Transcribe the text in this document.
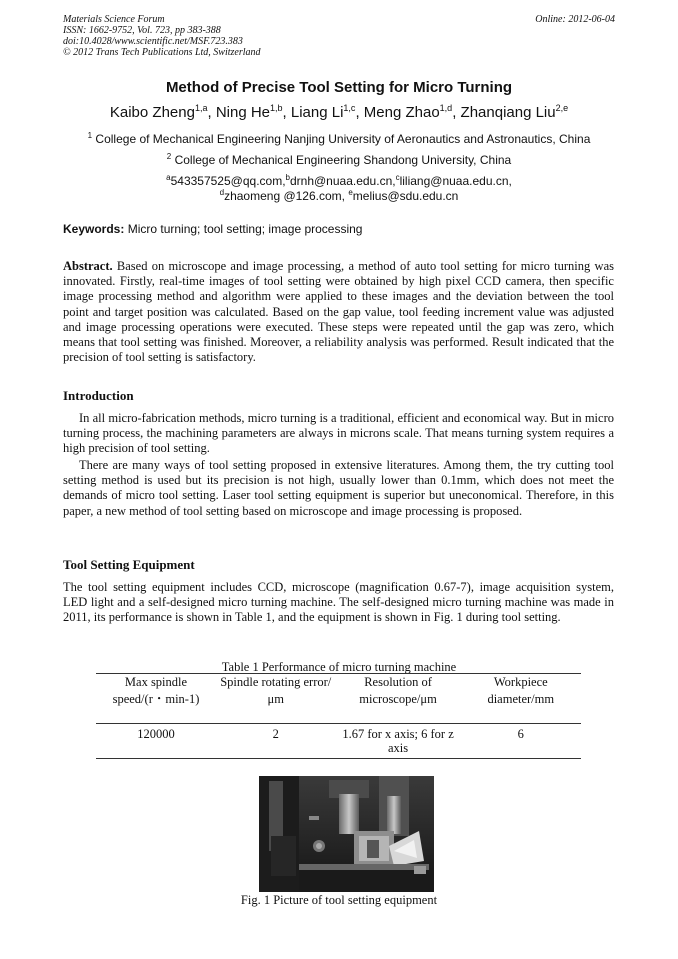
Materials Science Forum
ISSN: 1662-9752, Vol. 723, pp 383-388
doi:10.4028/www.scientific.net/MSF.723.383
© 2012 Trans Tech Publications Ltd, Switzerland
Online: 2012-06-04
Method of Precise Tool Setting for Micro Turning
Kaibo Zheng$^{1,a}$, Ning He$^{1,b}$, Liang Li$^{1,c}$, Meng Zhao$^{1,d}$, Zhanqiang Liu$^{2,e}$
$^1$ College of Mechanical Engineering Nanjing University of Aeronautics and Astronautics, China
$^2$ College of Mechanical Engineering Shandong University, China
$^a$543357525@qq.com,$^b$drnh@nuaa.edu.cn,$^c$liliang@nuaa.edu.cn,
$^d$zhaomeng @126.com, $^e$melius@sdu.edu.cn
Keywords: Micro turning; tool setting; image processing
Abstract. Based on microscope and image processing, a method of auto tool setting for micro turning was innovated. Firstly, real-time images of tool setting were obtained by high pixel CCD camera, then specific image processing method and algorithm were applied to these images and the deviation between the tool point and target position was calculated. Based on the gap value, tool feeding increment value was adjusted and image processing operations were executed. These steps were repeated until the gap was zero, which means that tool setting was finished. Moreover, a reliability analysis was performed. Result indicated that the precision of tool setting is satisfactory.
Introduction
In all micro-fabrication methods, micro turning is a traditional, efficient and economical way. But in micro turning process, the machining parameters are always in microns scale. That means turning system requires a high precision of tool setting.
There are many ways of tool setting proposed in extensive literatures. Among them, the try cutting tool setting method is used but its precision is not high, usually lower than 0.1mm, which does not meet the demands of micro tool setting. Laser tool setting equipment is superior but uneconomical. Therefore, in this paper, a new method of tool setting based on microscope and image processing is proposed.
Tool Setting Equipment
The tool setting equipment includes CCD, microscope (magnification 0.67-7), image acquisition system, LED light and a self-designed micro turning machine. The self-designed micro turning machine was made in 2011, its performance is shown in Table 1, and the equipment is shown in Fig. 1 during tool setting.
Table 1 Performance of micro turning machine
Max spindle speed/(r・min-1)	Spindle rotating error/μm	Resolution of microscope/μm	Workpiece diameter/mm
120000	2	1.67 for x axis; 6 for z axis	6
Fig. 1 Picture of tool setting equipment
